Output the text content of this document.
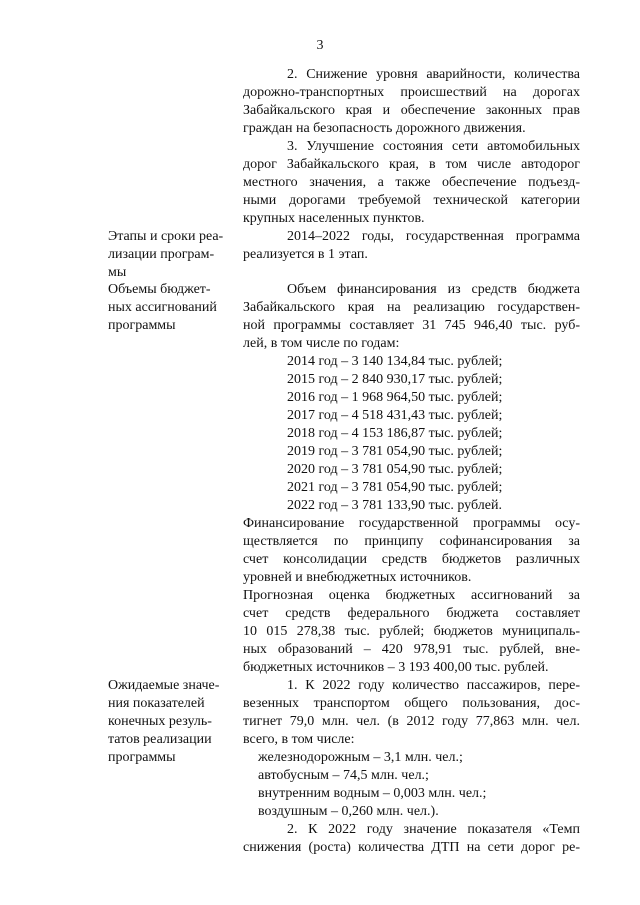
3
2. Снижение уровня аварийности, количества
дорожно-транспортных происшествий на дорогах
Забайкальского края и обеспечение законных прав
граждан на безопасность дорожного движения.
3. Улучшение состояния сети автомобильных
дорог Забайкальского края, в том числе автодорог
местного значения, а также обеспечение подъезд-
ными дорогами требуемой технической категории
крупных населенных пунктов.
Этапы и сроки реа-
лизации програм-
мы
2014–2022 годы, государственная программа
реализуется в 1 этап.
Объемы бюджет-
ных ассигнований
программы
Объем финансирования из средств бюджета
Забайкальского края на реализацию государствен-
ной программы составляет 31 745 946,40 тыс. руб-
лей, в том числе по годам:
2014 год – 3 140 134,84 тыс. рублей;
2015 год – 2 840 930,17 тыс. рублей;
2016 год – 1 968 964,50 тыс. рублей;
2017 год – 4 518 431,43 тыс. рублей;
2018 год – 4 153 186,87 тыс. рублей;
2019 год – 3 781 054,90 тыс. рублей;
2020 год – 3 781 054,90 тыс. рублей;
2021 год – 3 781 054,90 тыс. рублей;
2022 год – 3 781 133,90 тыс. рублей.
Финансирование государственной программы осу-
ществляется по принципу софинансирования за
счет консолидации средств бюджетов различных
уровней и внебюджетных источников.
Прогнозная оценка бюджетных ассигнований за
счет средств федерального бюджета составляет
10 015 278,38 тыс. рублей; бюджетов муниципаль-
ных образований – 420 978,91 тыс. рублей, вне-
бюджетных источников – 3 193 400,00 тыс. рублей.
Ожидаемые значе-
ния показателей
конечных резуль-
татов реализации
программы
1. К 2022 году количество пассажиров, пере-
везенных транспортом общего пользования, дос-
тигнет 79,0 млн. чел. (в 2012 году 77,863 млн. чел.
всего, в том числе:
железнодорожным – 3,1 млн. чел.;
автобусным – 74,5 млн. чел.;
внутренним водным – 0,003 млн. чел.;
воздушным – 0,260 млн. чел.).
2. К 2022 году значение показателя «Темп
снижения (роста) количества ДТП на сети дорог ре-
